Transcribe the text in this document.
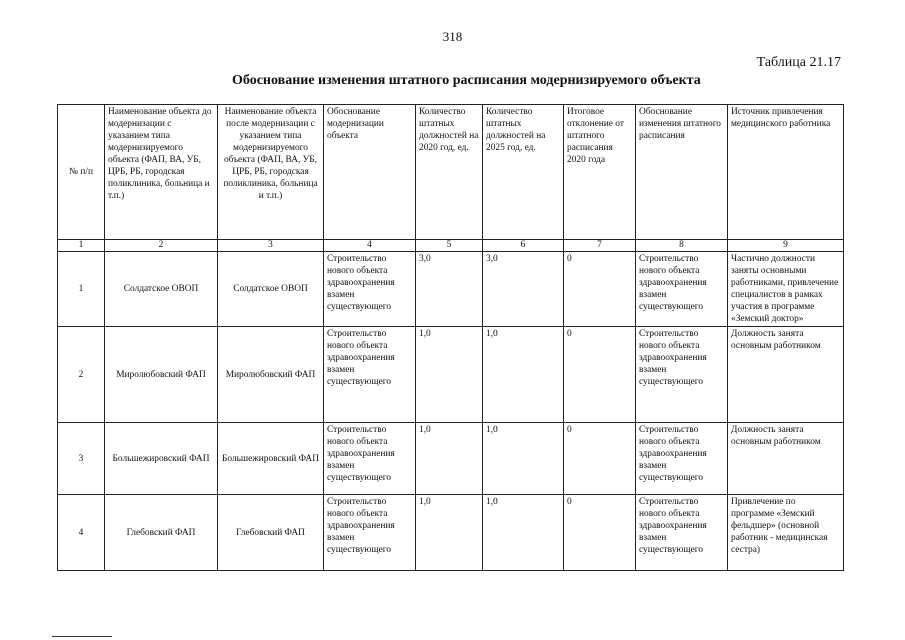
318
Таблица 21.17
Обоснование изменения штатного расписания модернизируемого объекта
№ п/п	Наименование объекта до модернизации с указанием типа модернизируемого объекта (ФАП, ВА, УБ, ЦРБ, РБ, городская поликлиника, больница и т.п.)	Наименование объекта после модернизации с указанием типа модернизируемого объекта (ФАП, ВА, УБ, ЦРБ, РБ, городская поликлиника, больница и т.п.)	Обоснование модернизации объекта	Количество штатных должностей на 2020 год, ед.	Количество штатных должностей на 2025 год, ед.	Итоговое отклонение от штатного расписания 2020 года	Обоснование изменения штатного расписания	Источник привлечения медицинского работника
1	2	3	4	5	6	7	8	9
1	Солдатское ОВОП	Солдатское ОВОП	Строительство нового объекта здравоохранения взамен существующего	3,0	3,0	0	Строительство нового объекта здравоохранения взамен существующего	Частично должности заняты основными работниками, привлечение специалистов в рамках участия в программе «Земский доктор»
2	Миролюбовский ФАП	Миролюбовский ФАП	Строительство нового объекта здравоохранения взамен существующего	1,0	1,0	0	Строительство нового объекта здравоохранения взамен существующего	Должность занята основным работником
3	Большежировский ФАП	Большежировский ФАП	Строительство нового объекта здравоохранения взамен существующего	1,0	1,0	0	Строительство нового объекта здравоохранения взамен существующего	Должность занята основным работником
4	Глебовский ФАП	Глебовский ФАП	Строительство нового объекта здравоохранения взамен существующего	1,0	1,0	0	Строительство нового объекта здравоохранения взамен существующего	Привлечение по программе «Земский фельдшер» (основной работник - медицинская сестра)
